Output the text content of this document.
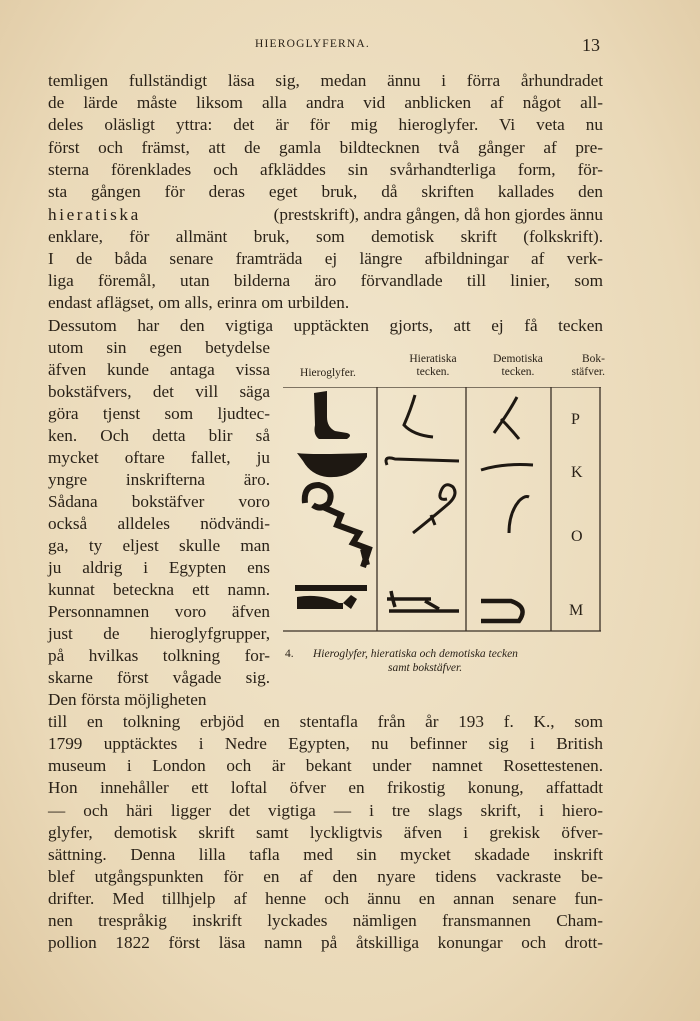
HIEROGLYFERNA.	13
temligen fullständigt läsa sig, medan ännu i förra århundradet
de lärde måste liksom alla andra vid anblicken af något all-
deles oläsligt yttra: det är för mig hieroglyfer. Vi veta nu
först och främst, att de gamla bildtecknen två gånger af pre-
sterna förenklades och afkläddes sin svårhandterliga form, för-
sta gången för deras eget bruk, då skriften kallades den
hieratiska	(prestskrift), andra gången, då hon gjordes ännu
enklare, för allmänt bruk, som demotisk skrift (folkskrift).
I de båda senare framträda ej längre afbildningar af verk-
liga föremål, utan bilderna äro förvandlade till linier, som
endast aflägset, om alls, erinra om urbilden.
Dessutom har den vigtiga upptäckten gjorts, att ej få tecken
utom sin egen betydelse
äfven kunde antaga vissa
bokstäfvers, det vill säga
göra tjenst som ljudtec-
ken. Och detta blir så
mycket oftare fallet, ju
yngre inskrifterna äro.
Sådana bokstäfver voro
också alldeles nödvändi-
ga, ty eljest skulle man
ju aldrig i Egypten ens
kunnat beteckna ett namn.
Personnamnen voro äfven
just de hieroglyfgrupper,
på hvilkas tolkning for-
skarne först vågade sig.
Den första möjligheten
Hieroglyfer.
Hieratiska
tecken.
Demotiska
tecken.
Bok-
stäfver.
P
K
O
M
4. Hieroglyfer, hieratiska och demotiska tecken
samt bokstäfver.
till en tolkning erbjöd en stentafla från år 193 f. K., som
1799 upptäcktes i Nedre Egypten, nu befinner sig i British
museum i London och är bekant under namnet Rosettestenen.
Hon innehåller ett loftal öfver en frikostig konung, affattadt
— och häri ligger det vigtiga — i tre slags skrift, i hiero-
glyfer, demotisk skrift samt lyckligtvis äfven i grekisk öfver-
sättning. Denna lilla tafla med sin mycket skadade inskrift
blef utgångspunkten för en af den nyare tidens vackraste be-
drifter. Med tillhjelp af henne och ännu en annan senare fun-
nen trespråkig inskrift lyckades nämligen fransmannen Cham-
pollion 1822 först läsa namn på åtskilliga konungar och drott-
